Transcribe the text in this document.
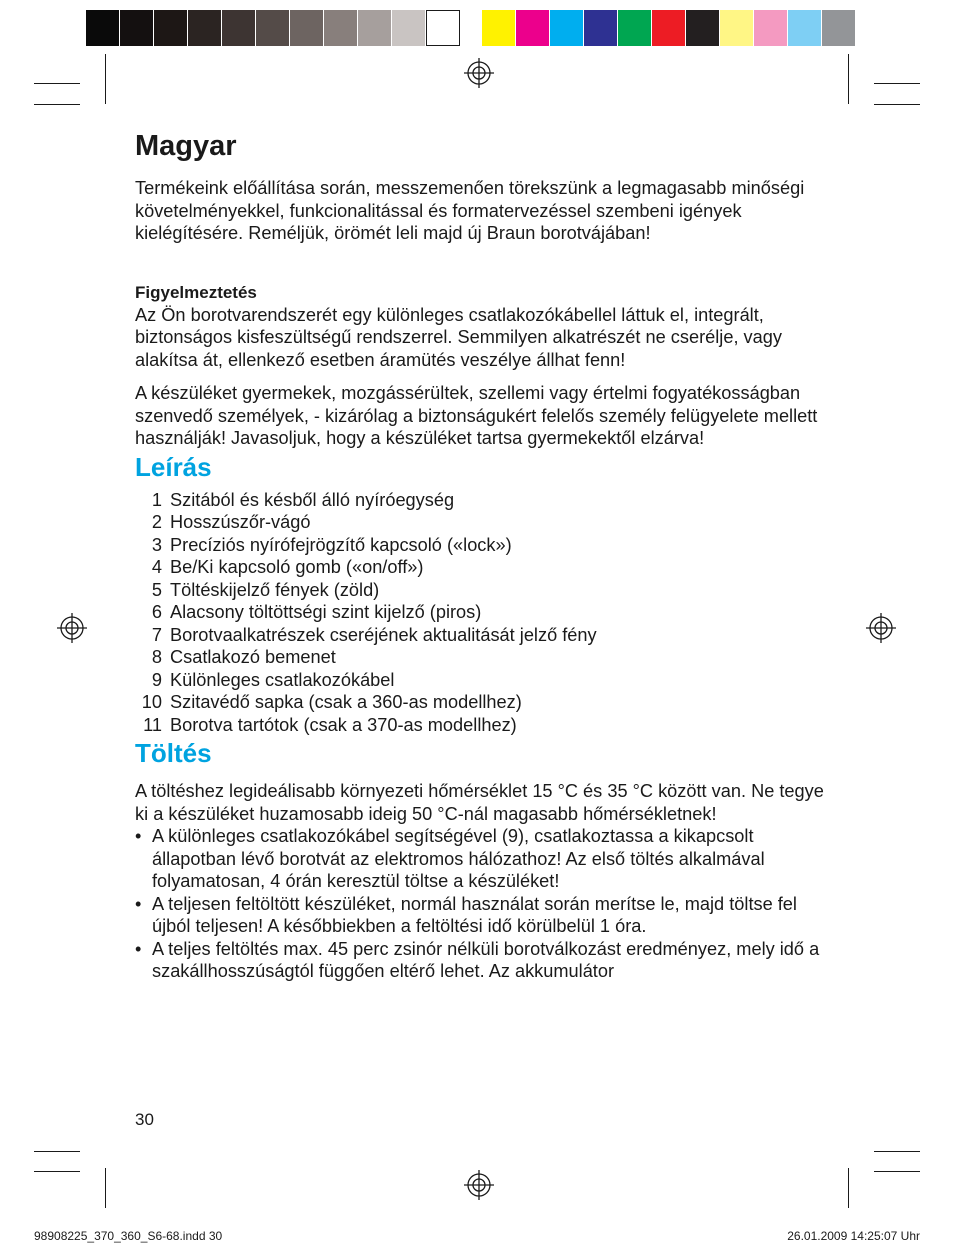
Magyar

Termékeink előállítása során, messzemenően törekszünk a legmagasabb minőségi követelményekkel, funkcionalitással és formatervezéssel szembeni igények kielégítésére. Reméljük, örömét leli majd új Braun borotvájában!

Figyelmeztetés

Az Ön borotvarendszerét egy különleges csatlakozókábellel láttuk el, integrált, biztonságos kisfeszültségű rendszerrel. Semmilyen alkatrészét ne cserélje, vagy alakítsa át, ellenkező esetben áramütés veszélye állhat fenn!

A készüléket gyermekek, mozgássérültek, szellemi vagy értelmi fogyatékosságban szenvedő személyek, - kizárólag a biztonságukért felelős személy felügyelete mellett használják! Javasoljuk, hogy a készüléket tartsa gyermekektől elzárva!

Leírás
1 Szitából és késből álló nyíróegység
2 Hosszúszőr-vágó
3 Precíziós nyírófejrögzítő kapcsoló («lock»)
4 Be/Ki kapcsoló gomb («on/off»)
5 Töltéskijelző fények (zöld)
6 Alacsony töltöttségi szint kijelző (piros)
7 Borotvaalkatrészek cseréjének aktualitását jelző fény
8 Csatlakozó bemenet
9 Különleges csatlakozókábel
10 Szitavédő sapka (csak a 360-as modellhez)
11 Borotva tartótok (csak a 370-as modellhez)
Töltés

A töltéshez legideálisabb környezeti hőmérséklet 15 °C és 35 °C között van. Ne tegye ki a készüléket huzamosabb ideig 50 °C-nál magasabb hőmérsékletnek!

• A különleges csatlakozókábel segítségével (9), csatlakoztassa a kikapcsolt állapotban lévő borotvát az elektromos hálózathoz! Az első töltés alkalmával folyamatosan, 4 órán keresztül töltse a készüléket!
• A teljesen feltöltött készüléket, normál használat során merítse le, majd töltse fel újból teljesen! A későbbiekben a feltöltési idő körülbelül 1 óra.
• A teljes feltöltés max. 45 perc zsinór nélküli borotválkozást eredményez, mely idő a szakállhosszúságtól függően eltérő lehet. Az akkumulátor
30
98908225_370_360_S6-68.indd 30	26.01.2009 14:25:07 Uhr
